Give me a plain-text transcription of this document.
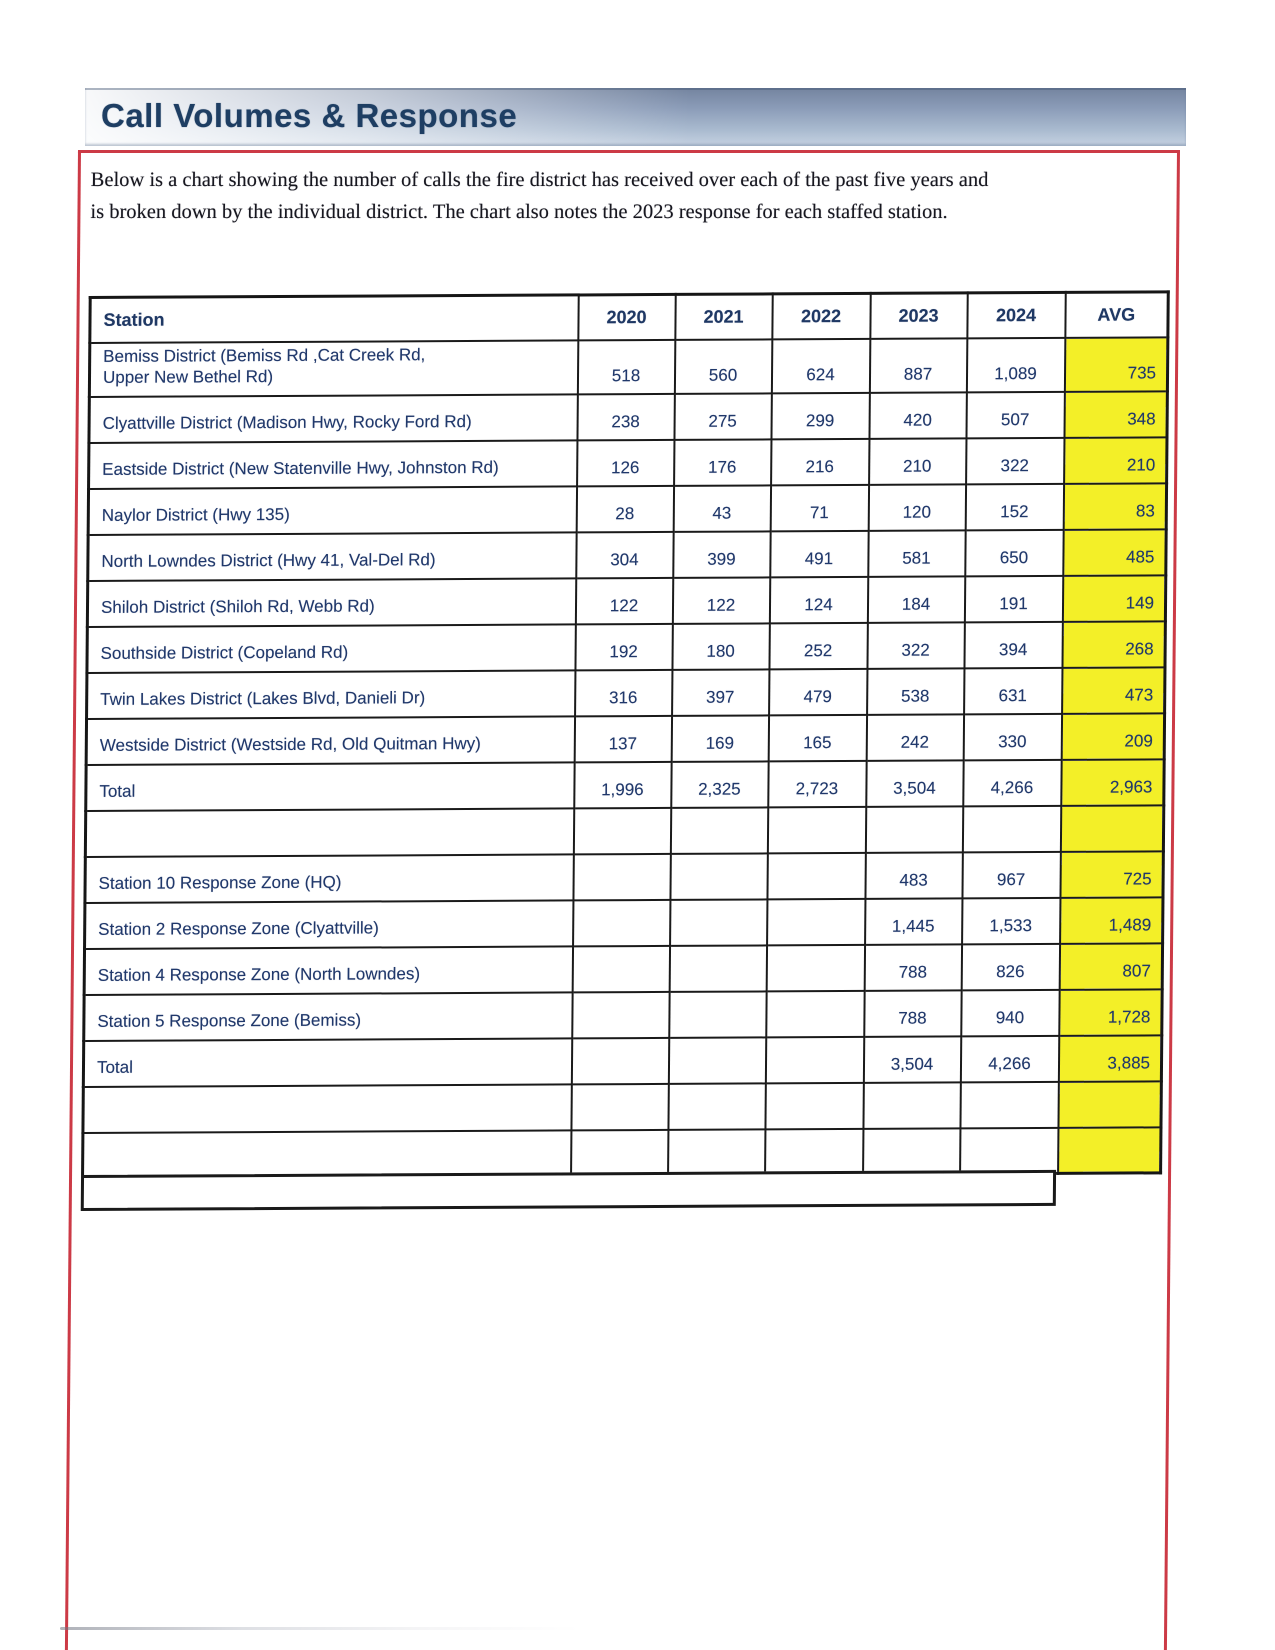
Call Volumes & Response

Below is a chart showing the number of calls the fire district has received over each of the past five years and
is broken down by the individual district. The chart also notes the 2023 response for each staffed station.

Station	2020	2021	2022	2023	2024	AVG
Bemiss District (Bemiss Rd ,Cat Creek Rd,
Upper New Bethel Rd)	518	560	624	887	1,089	735
Clyattville District (Madison Hwy, Rocky Ford Rd)	238	275	299	420	507	348
Eastside District (New Statenville Hwy, Johnston Rd)	126	176	216	210	322	210
Naylor District (Hwy 135)	28	43	71	120	152	83
North Lowndes District (Hwy 41, Val-Del Rd)	304	399	491	581	650	485
Shiloh District (Shiloh Rd, Webb Rd)	122	122	124	184	191	149
Southside District (Copeland Rd)	192	180	252	322	394	268
Twin Lakes District (Lakes Blvd, Danieli Dr)	316	397	479	538	631	473
Westside District (Westside Rd, Old Quitman Hwy)	137	169	165	242	330	209
Total	1,996	2,325	2,723	3,504	4,266	2,963

Station 10 Response Zone (HQ)				483	967	725
Station 2 Response Zone (Clyattville)				1,445	1,533	1,489
Station 4 Response Zone (North Lowndes)				788	826	807
Station 5 Response Zone (Bemiss)				788	940	1,728
Total				3,504	4,266	3,885
